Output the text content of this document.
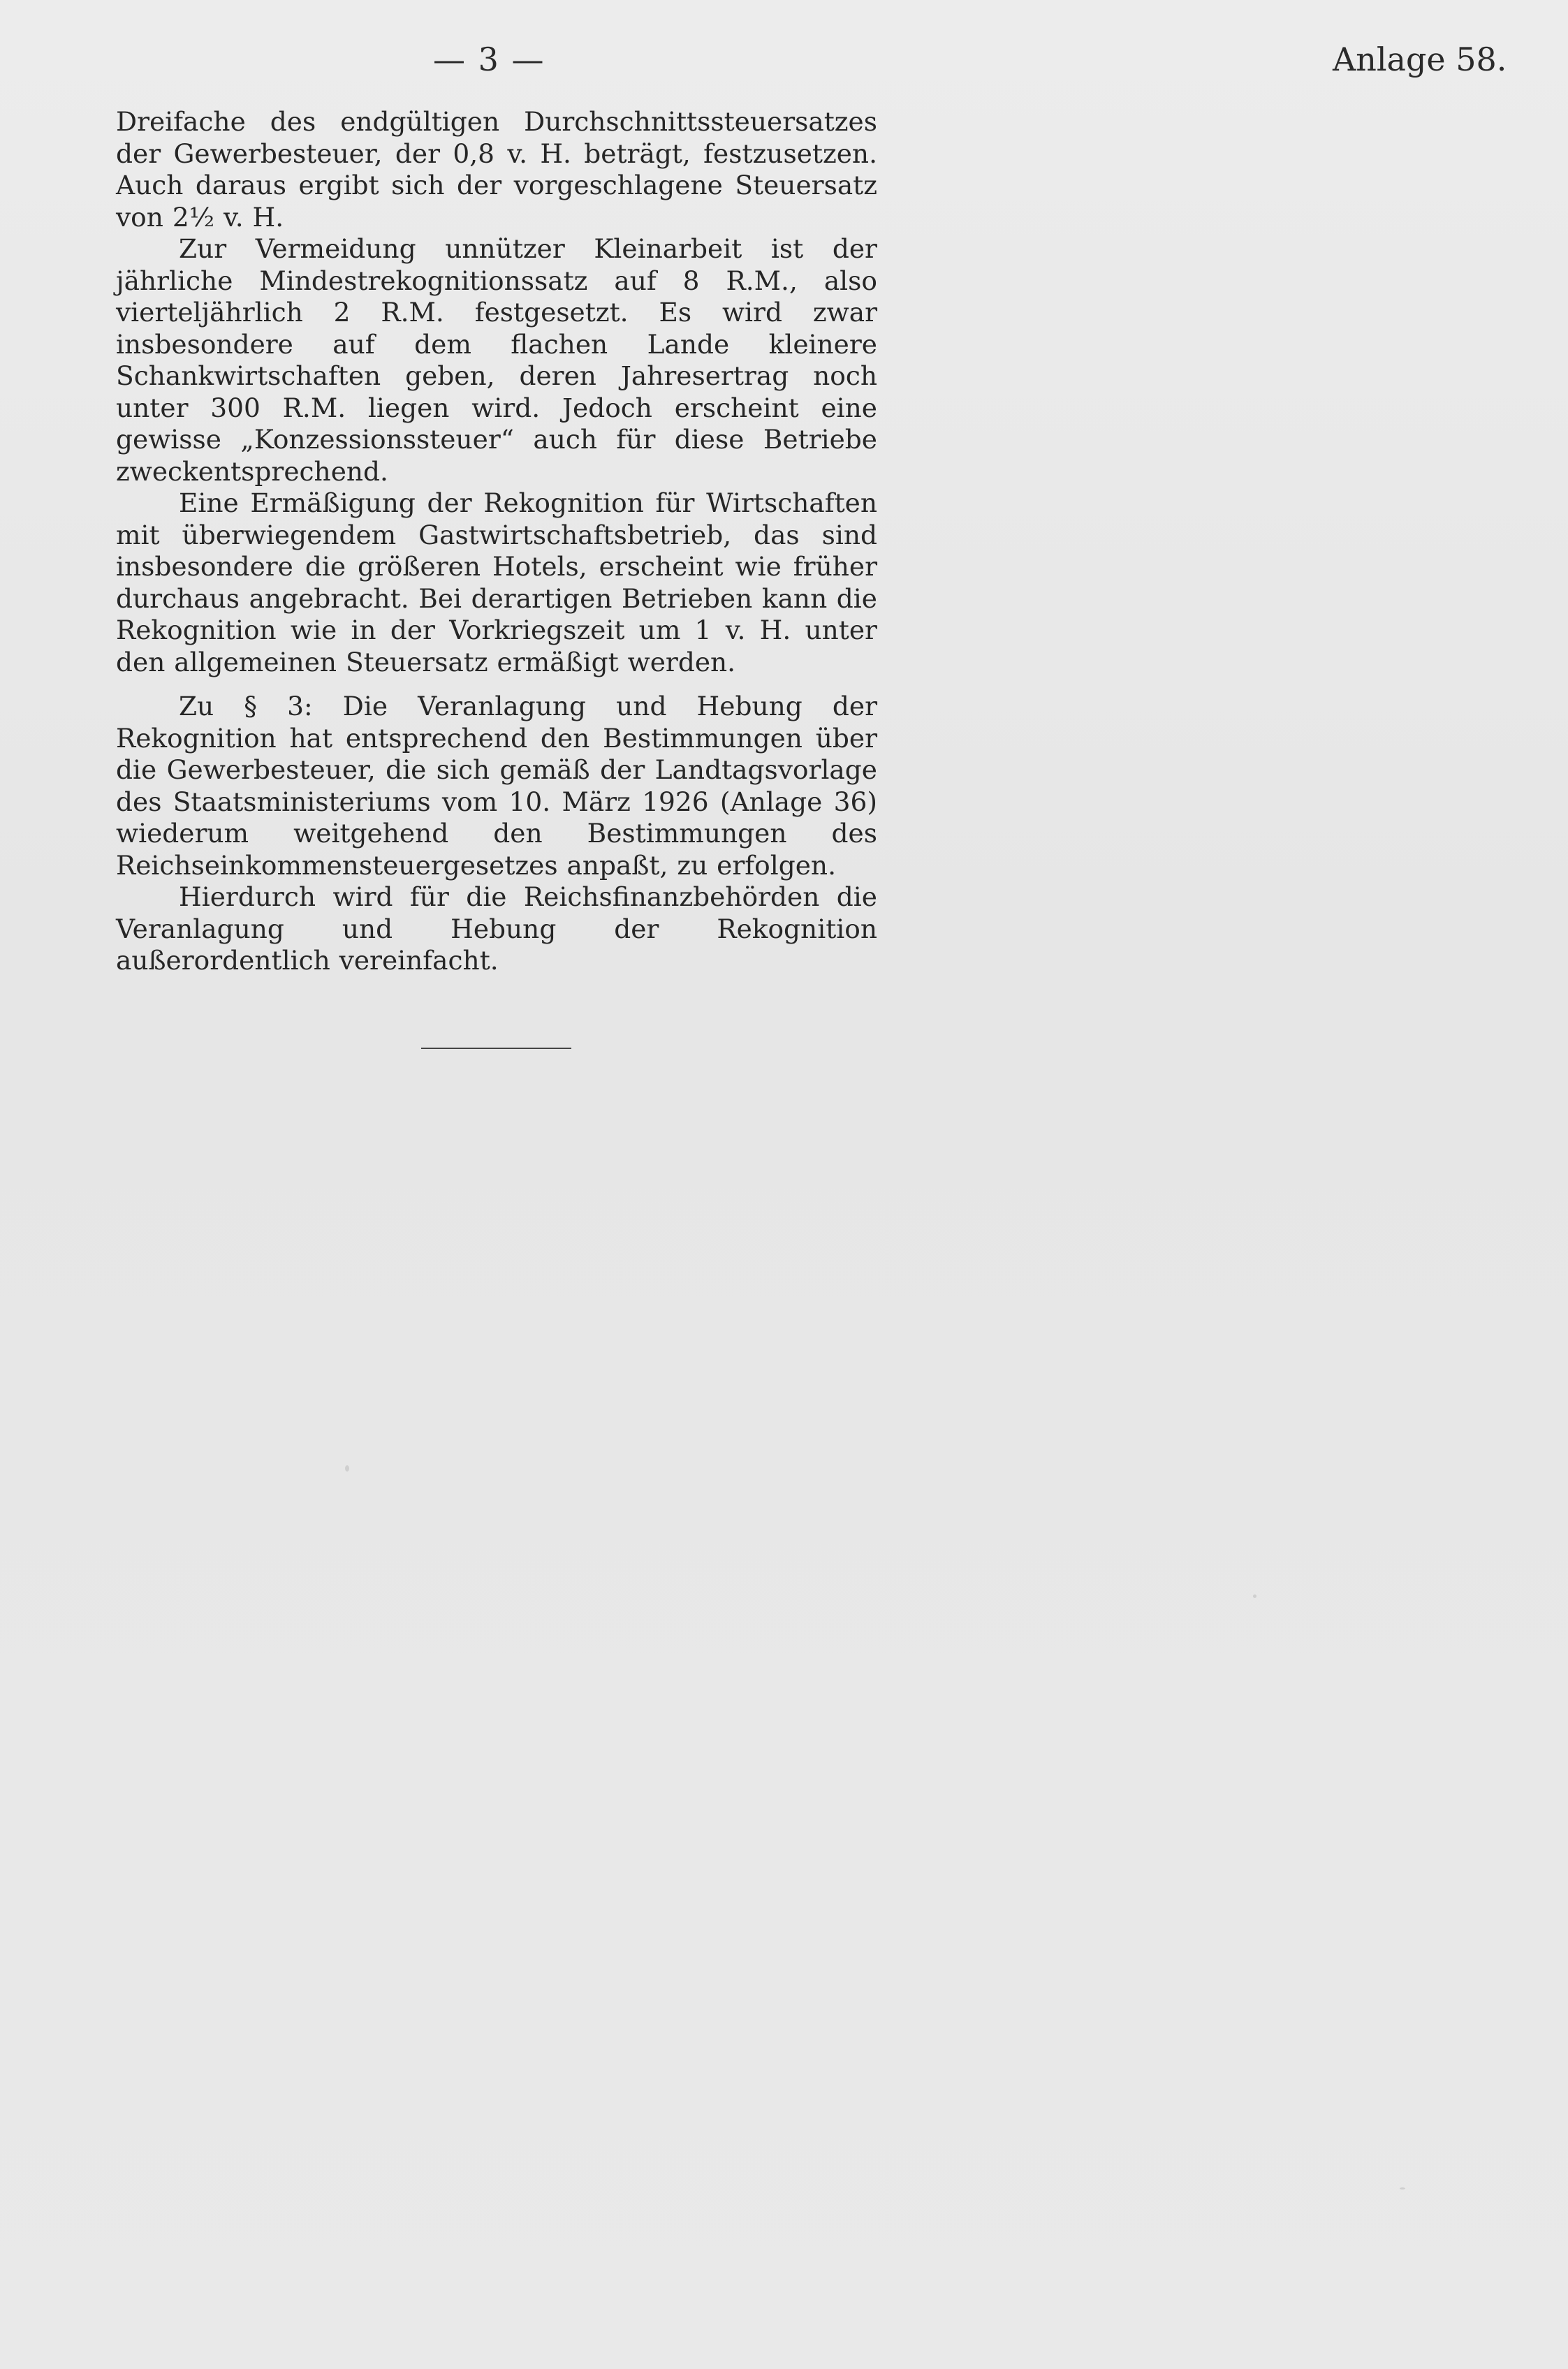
— 3 —	Anlage 58.

Dreifache des endgültigen Durchschnittssteuersatzes der Gewerbesteuer, der 0,8 v. H. beträgt, festzusetzen. Auch daraus ergibt sich der vorgeschlagene Steuersatz von 2½ v. H.

Zur Vermeidung unnützer Kleinarbeit ist der jährliche Mindestrekognitionssatz auf 8 R.M., also vierteljährlich 2 R.M. festgesetzt. Es wird zwar insbesondere auf dem flachen Lande kleinere Schankwirtschaften geben, deren Jahresertrag noch unter 300 R.M. liegen wird. Jedoch erscheint eine gewisse „Konzessionssteuer“ auch für diese Betriebe zweckentsprechend.

Eine Ermäßigung der Rekognition für Wirtschaften mit überwiegendem Gastwirtschaftsbetrieb, das sind insbesondere die größeren Hotels, erscheint wie früher durchaus angebracht. Bei derartigen Betrieben kann die Rekognition wie in der Vorkriegszeit um 1 v. H. unter den allgemeinen Steuersatz ermäßigt werden.

Zu § 3: Die Veranlagung und Hebung der Rekognition hat entsprechend den Bestimmungen über die Gewerbesteuer, die sich gemäß der Landtagsvorlage des Staatsministeriums vom 10. März 1926 (Anlage 36) wiederum weitgehend den Bestimmungen des Reichseinkommensteuergesetzes anpaßt, zu erfolgen.

Hierdurch wird für die Reichsfinanzbehörden die Veranlagung und Hebung der Rekognition außerordentlich vereinfacht.
